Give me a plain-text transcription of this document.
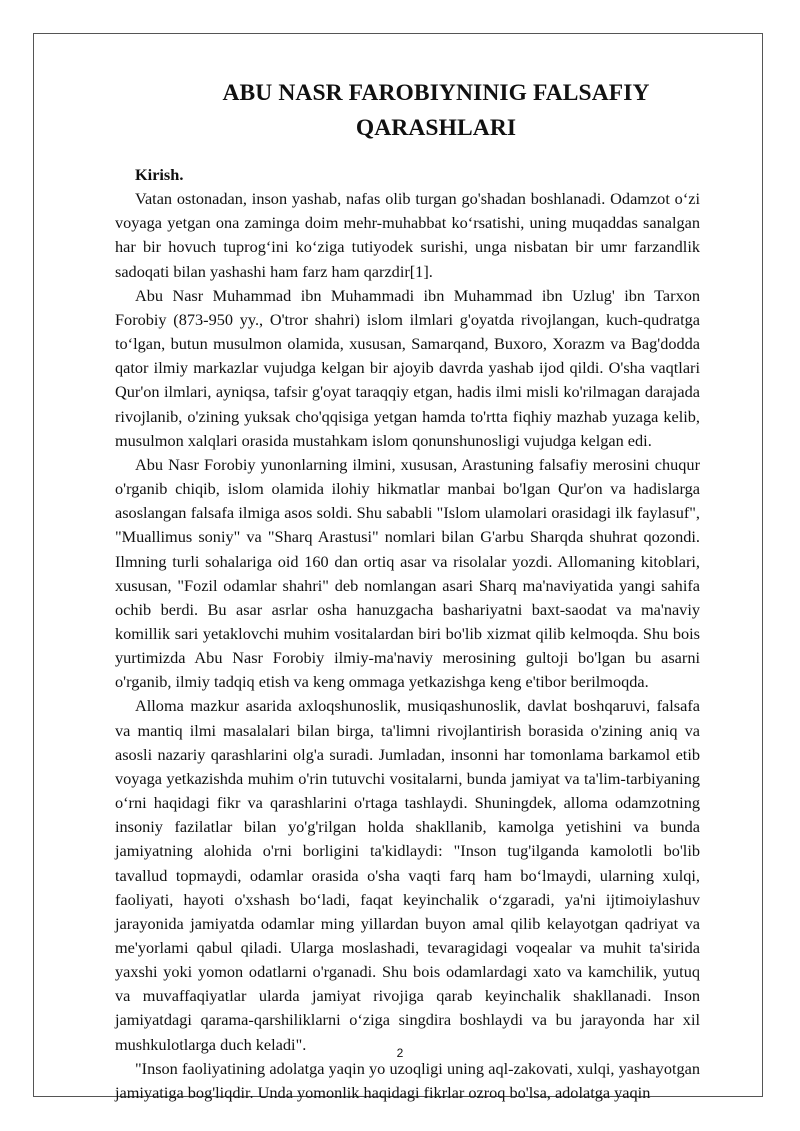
ABU NASR FAROBIYNINIG FALSAFIY
QARASHLARI

Kirish.

Vatan ostonadan, inson yashab, nafas olib turgan go'shadan boshlanadi. Odamzot o‘zi voyaga yetgan ona zaminga doim mehr-muhabbat ko‘rsatishi, uning muqaddas sanalgan har bir hovuch tuprog‘ini ko‘ziga tutiyodek surishi, unga nisbatan bir umr farzandlik sadoqati bilan yashashi ham farz ham qarzdir[1].

Abu Nasr Muhammad ibn Muhammadi ibn Muhammad ibn Uzlug' ibn Tarxon Forobiy (873-950 yy., O'tror shahri) islom ilmlari g'oyatda rivojlangan, kuch-qudratga to‘lgan, butun musulmon olamida, xususan, Samarqand, Buxoro, Xorazm va Bag'dodda qator ilmiy markazlar vujudga kelgan bir ajoyib davrda yashab ijod qildi. O'sha vaqtlari Qur'on ilmlari, ayniqsa, tafsir g'oyat taraqqiy etgan, hadis ilmi misli ko'rilmagan darajada rivojlanib, o'zining yuksak cho'qqisiga yetgan hamda to'rtta fiqhiy mazhab yuzaga kelib, musulmon xalqlari orasida mustahkam islom qonunshunosligi vujudga kelgan edi.

Abu Nasr Forobiy yunonlarning ilmini, xususan, Arastuning falsafiy merosini chuqur o'rganib chiqib, islom olamida ilohiy hikmatlar manbai bo'lgan Qur'on va hadislarga asoslangan falsafa ilmiga asos soldi. Shu sababli "Islom ulamolari orasidagi ilk faylasuf", "Muallimus soniy" va "Sharq Arastusi" nomlari bilan G'arbu Sharqda shuhrat qozondi. Ilmning turli sohalariga oid 160 dan ortiq asar va risolalar yozdi. Allomaning kitoblari, xususan, "Fozil odamlar shahri" deb nomlangan asari Sharq ma'naviyatida yangi sahifa ochib berdi. Bu asar asrlar osha hanuzgacha bashariyatni baxt-saodat va ma'naviy komillik sari yetaklovchi muhim vositalardan biri bo'lib xizmat qilib kelmoqda. Shu bois yurtimizda Abu Nasr Forobiy ilmiy-ma'naviy merosining gultoji bo'lgan bu asarni o'rganib, ilmiy tadqiq etish va keng ommaga yetkazishga keng e'tibor berilmoqda.

Alloma mazkur asarida axloqshunoslik, musiqashunoslik, davlat boshqaruvi, falsafa va mantiq ilmi masalalari bilan birga, ta'limni rivojlantirish borasida o'zining aniq va asosli nazariy qarashlarini olg'a suradi. Jumladan, insonni har tomonlama barkamol etib voyaga yetkazishda muhim o'rin tutuvchi vositalarni, bunda jamiyat va ta'lim-tarbiyaning o‘rni haqidagi fikr va qarashlarini o'rtaga tashlaydi. Shuningdek, alloma odamzotning insoniy fazilatlar bilan yo'g'rilgan holda shakllanib, kamolga yetishini va bunda jamiyatning alohida o'rni borligini ta'kidlaydi: "Inson tug'ilganda kamolotli bo'lib tavallud topmaydi, odamlar orasida o'sha vaqti farq ham bo‘lmaydi, ularning xulqi, faoliyati, hayoti o'xshash bo‘ladi, faqat keyinchalik o‘zgaradi, ya'ni ijtimoiylashuv jarayonida jamiyatda odamlar ming yillardan buyon amal qilib kelayotgan qadriyat va me'yorlami qabul qiladi. Ularga moslashadi, tevaragidagi voqealar va muhit ta'sirida yaxshi yoki yomon odatlarni o'rganadi. Shu bois odamlardagi xato va kamchilik, yutuq va muvaffaqiyatlar ularda jamiyat rivojiga qarab keyinchalik shakllanadi. Inson jamiyatdagi qarama-qarshiliklarni o‘ziga singdira boshlaydi va bu jarayonda har xil mushkulotlarga duch keladi".

"Inson faoliyatining adolatga yaqin yo uzoqligi uning aql-zakovati, xulqi, yashayotgan jamiyatiga bog'liqdir. Unda yomonlik haqidagi fikrlar ozroq bo'lsa, adolatga yaqin

2
